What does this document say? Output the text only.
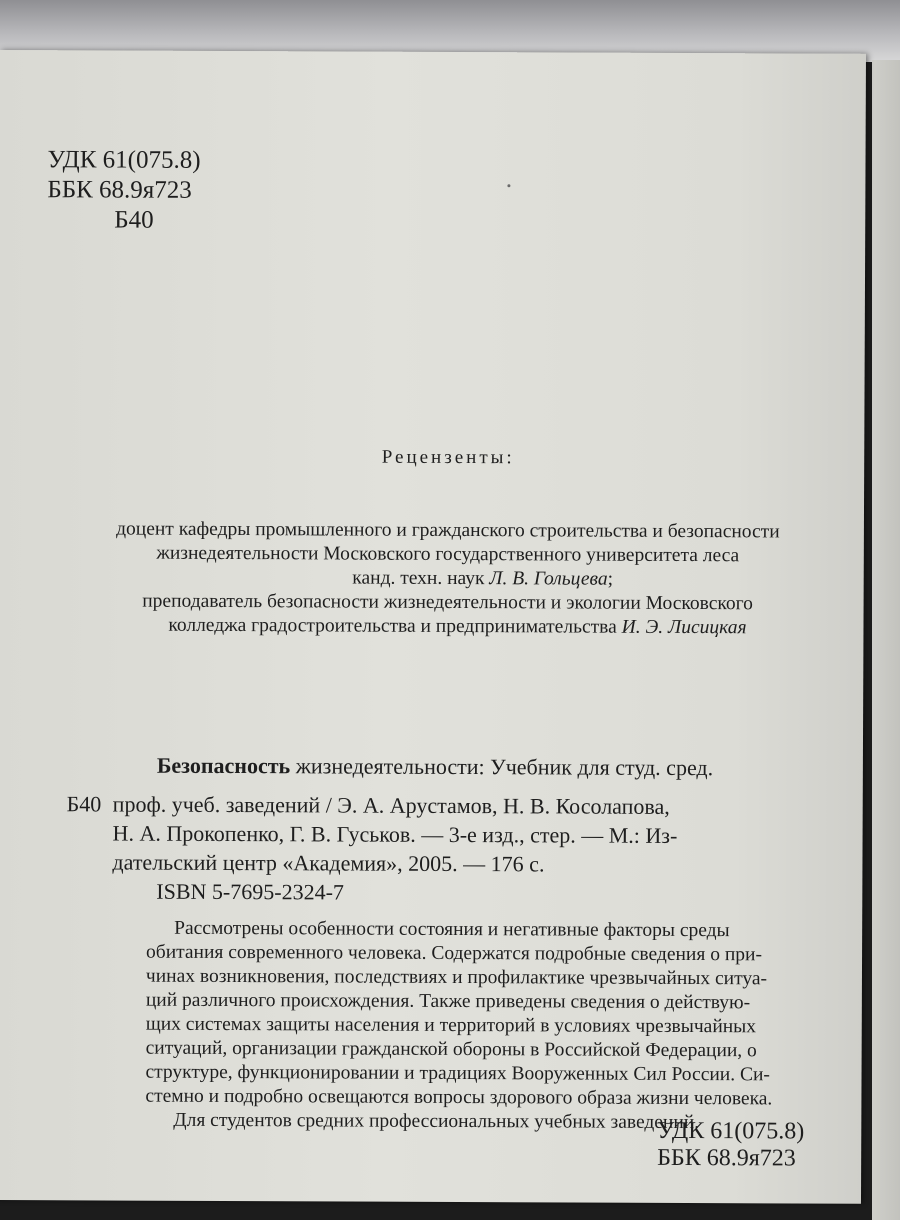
УДК 61(075.8)
ББК 68.9я723
Б40
Рецензенты:
доцент кафедры промышленного и гражданского строительства и безопасности
жизнедеятельности Московского государственного университета леса
канд. техн. наук Л. В. Гольцева;
преподаватель безопасности жизнедеятельности и экологии Московского
колледжа градостроительства и предпринимательства И. Э. Лисицкая
Б40
Безопасность жизнедеятельности: Учебник для студ. сред.
проф. учеб. заведений / Э. А. Арустамов, Н. В. Косолапова,
Н. А. Прокопенко, Г. В. Гуськов. — 3-е изд., стер. — М.: Из-
дательский центр «Академия», 2005. — 176 с.
ISBN 5-7695-2324-7
Рассмотрены особенности состояния и негативные факторы среды
обитания современного человека. Содержатся подробные сведения о при-
чинах возникновения, последствиях и профилактике чрезвычайных ситуа-
ций различного происхождения. Также приведены сведения о действую-
щих системах защиты населения и территорий в условиях чрезвычайных
ситуаций, организации гражданской обороны в Российской Федерации, о
структуре, функционировании и традициях Вооруженных Сил России. Си-
стемно и подробно освещаются вопросы здорового образа жизни человека.
Для студентов средних профессиональных учебных заведений.
УДК 61(075.8)
ББК 68.9я723
